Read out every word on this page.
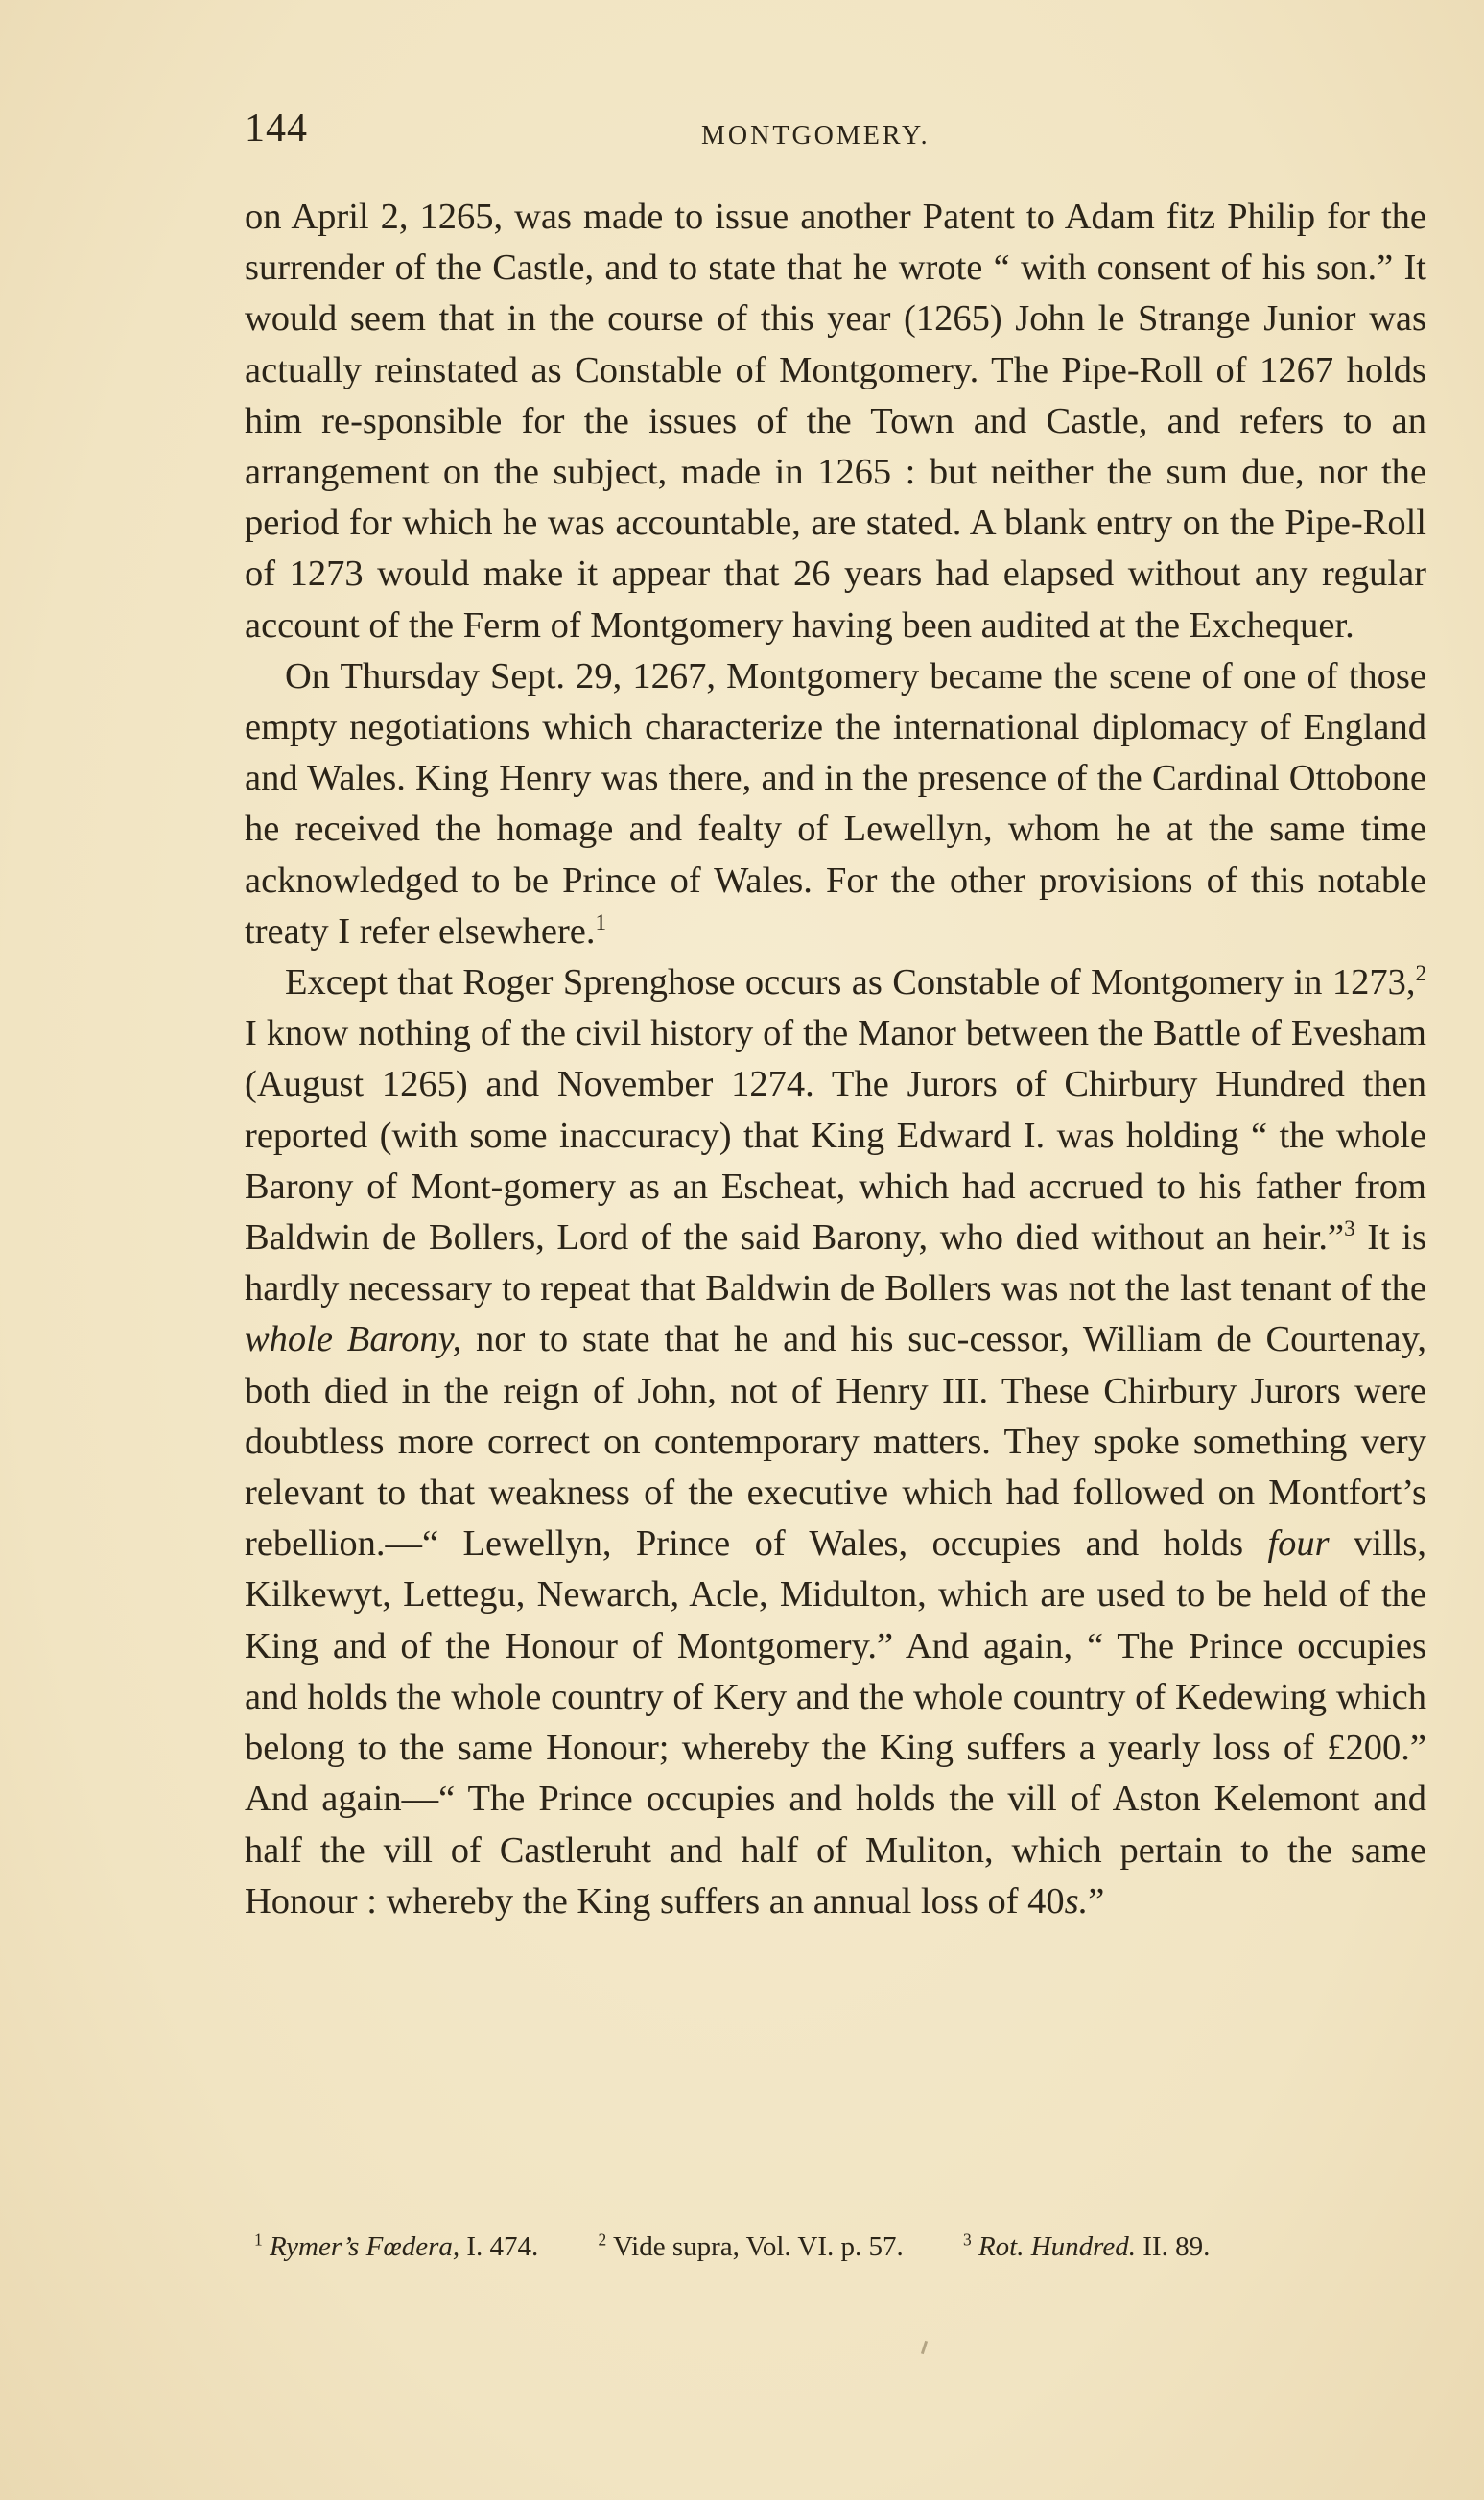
144	MONTGOMERY.

on April 2, 1265, was made to issue another Patent to Adam fitz Philip for the surrender of the Castle, and to state that he wrote “ with consent of his son.” It would seem that in the course of this year (1265) John le Strange Junior was actually reinstated as Constable of Montgomery. The Pipe-Roll of 1267 holds him re-sponsible for the issues of the Town and Castle, and refers to an arrangement on the subject, made in 1265 : but neither the sum due, nor the period for which he was accountable, are stated. A blank entry on the Pipe-Roll of 1273 would make it appear that 26 years had elapsed without any regular account of the Ferm of Montgomery having been audited at the Exchequer.

On Thursday Sept. 29, 1267, Montgomery became the scene of one of those empty negotiations which characterize the international diplomacy of England and Wales. King Henry was there, and in the presence of the Cardinal Ottobone he received the homage and fealty of Lewellyn, whom he at the same time acknowledged to be Prince of Wales. For the other provisions of this notable treaty I refer elsewhere.$^1$

Except that Roger Sprenghose occurs as Constable of Montgomery in 1273,$^2$ I know nothing of the civil history of the Manor between the Battle of Evesham (August 1265) and November 1274. The Jurors of Chirbury Hundred then reported (with some inaccuracy) that King Edward I. was holding “ the whole Barony of Mont-gomery as an Escheat, which had accrued to his father from Baldwin de Bollers, Lord of the said Barony, who died without an heir.”$^3$ It is hardly necessary to repeat that Baldwin de Bollers was not the last tenant of the whole Barony, nor to state that he and his suc-cessor, William de Courtenay, both died in the reign of John, not of Henry III. These Chirbury Jurors were doubtless more correct on contemporary matters. They spoke something very relevant to that weakness of the executive which had followed on Montfort’s rebellion.—“ Lewellyn, Prince of Wales, occupies and holds four vills, Kilkewyt, Lettegu, Newarch, Acle, Midulton, which are used to be held of the King and of the Honour of Montgomery.” And again, “ The Prince occupies and holds the whole country of Kery and the whole country of Kedewing which belong to the same Honour; whereby the King suffers a yearly loss of £200.” And again—“ The Prince occupies and holds the vill of Aston Kelemont and half the vill of Castleruht and half of Muliton, which pertain to the same Honour : whereby the King suffers an annual loss of 40s.”

$^1$ Rymer’s Fœdera, I. 474.	$^2$ Vide supra, Vol. VI. p. 57.	$^3$ Rot. Hundred. II. 89.
